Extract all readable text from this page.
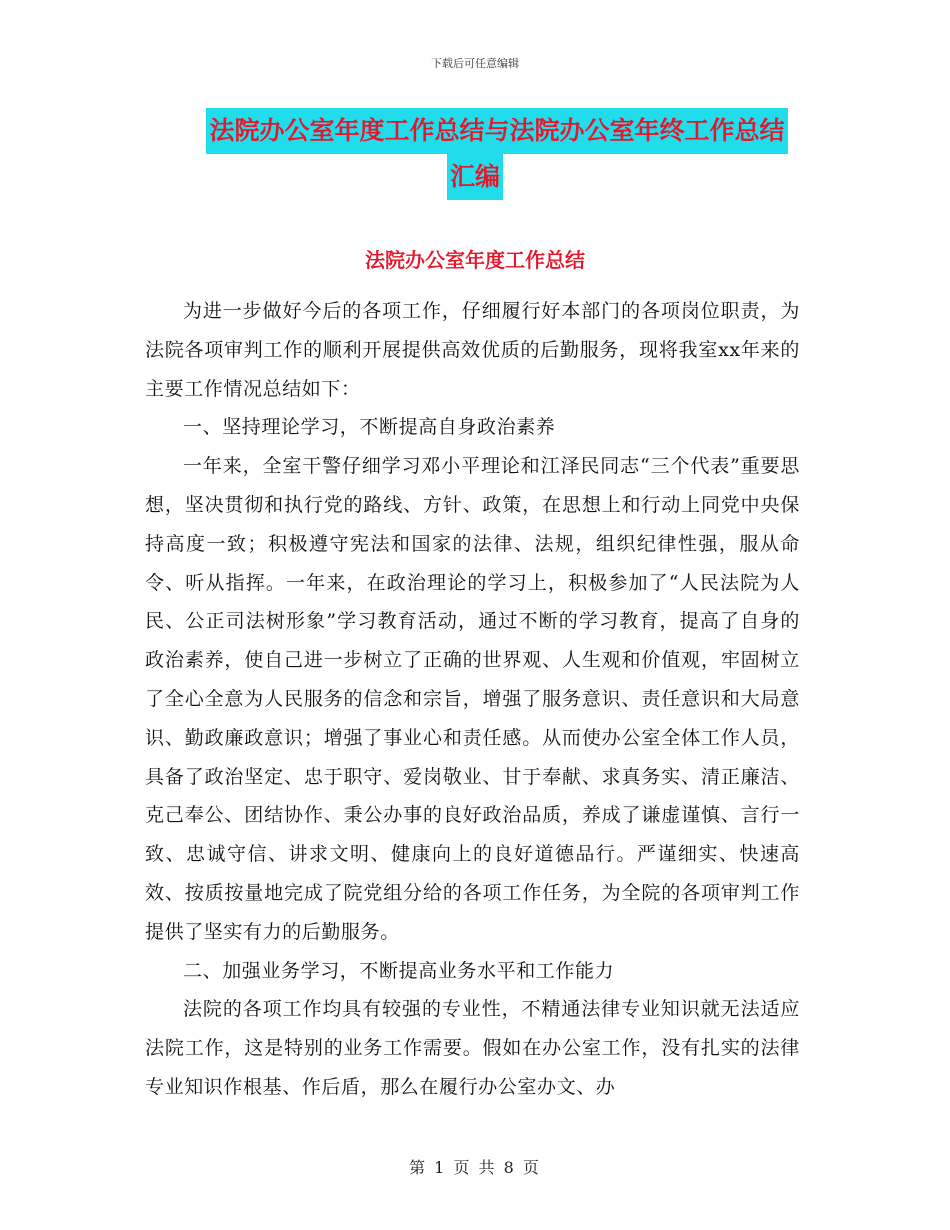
下载后可任意编辑
法院办公室年度工作总结与法院办公室年终工作总结
汇编
法院办公室年度工作总结

为进一步做好今后的各项工作，仔细履行好本部门的各项岗位职责，为法院各项审判工作的顺利开展提供高效优质的后勤服务，现将我室xx年来的主要工作情况总结如下：

一、坚持理论学习，不断提高自身政治素养

一年来，全室干警仔细学习邓小平理论和江泽民同志“三个代表”重要思想，坚决贯彻和执行党的路线、方针、政策，在思想上和行动上同党中央保持高度一致；积极遵守宪法和国家的法律、法规，组织纪律性强，服从命令、听从指挥。一年来，在政治理论的学习上，积极参加了“人民法院为人民、公正司法树形象”学习教育活动，通过不断的学习教育，提高了自身的政治素养，使自己进一步树立了正确的世界观、人生观和价值观，牢固树立了全心全意为人民服务的信念和宗旨，增强了服务意识、责任意识和大局意识、勤政廉政意识；增强了事业心和责任感。从而使办公室全体工作人员，具备了政治坚定、忠于职守、爱岗敬业、甘于奉献、求真务实、清正廉洁、克己奉公、团结协作、秉公办事的良好政治品质，养成了谦虚谨慎、言行一致、忠诚守信、讲求文明、健康向上的良好道德品行。严谨细实、快速高效、按质按量地完成了院党组分给的各项工作任务，为全院的各项审判工作提供了坚实有力的后勤服务。

二、加强业务学习，不断提高业务水平和工作能力

法院的各项工作均具有较强的专业性，不精通法律专业知识就无法适应法院工作，这是特别的业务工作需要。假如在办公室工作，没有扎实的法律专业知识作根基、作后盾，那么在履行办公室办文、办

第 1 页 共 8 页
